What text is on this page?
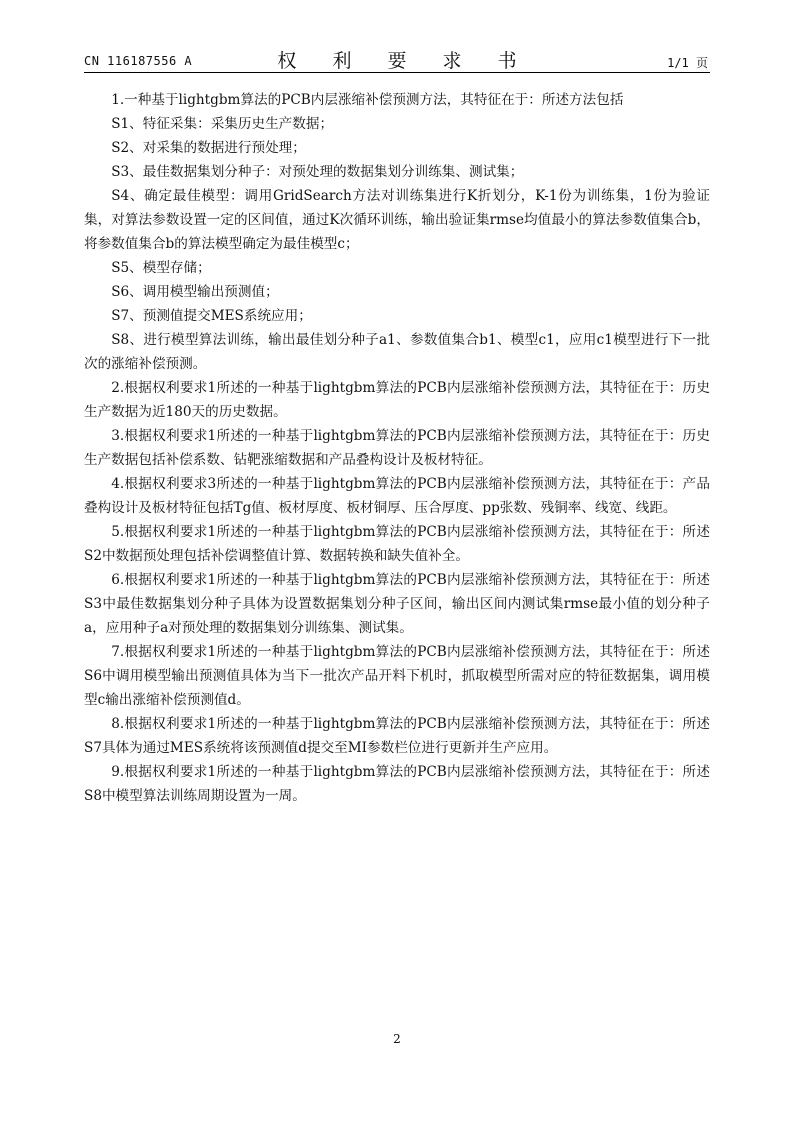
CN 116187556 A	权 利 要 求 书	1/1 页

1.一种基于lightgbm算法的PCB内层涨缩补偿预测方法，其特征在于：所述方法包括

S1、特征采集：采集历史生产数据；

S2、对采集的数据进行预处理；

S3、最佳数据集划分种子：对预处理的数据集划分训练集、测试集；

S4、确定最佳模型：调用GridSearch方法对训练集进行K折划分，K-1份为训练集，1份为验证集，对算法参数设置一定的区间值，通过K次循环训练，输出验证集rmse均值最小的算法参数值集合b，将参数值集合b的算法模型确定为最佳模型c；

S5、模型存储；

S6、调用模型输出预测值；

S7、预测值提交MES系统应用；

S8、进行模型算法训练，输出最佳划分种子a1、参数值集合b1、模型c1，应用c1模型进行下一批次的涨缩补偿预测。

2.根据权利要求1所述的一种基于lightgbm算法的PCB内层涨缩补偿预测方法，其特征在于：历史生产数据为近180天的历史数据。

3.根据权利要求1所述的一种基于lightgbm算法的PCB内层涨缩补偿预测方法，其特征在于：历史生产数据包括补偿系数、钻靶涨缩数据和产品叠构设计及板材特征。

4.根据权利要求3所述的一种基于lightgbm算法的PCB内层涨缩补偿预测方法，其特征在于：产品叠构设计及板材特征包括Tg值、板材厚度、板材铜厚、压合厚度、pp张数、残铜率、线宽、线距。

5.根据权利要求1所述的一种基于lightgbm算法的PCB内层涨缩补偿预测方法，其特征在于：所述S2中数据预处理包括补偿调整值计算、数据转换和缺失值补全。

6.根据权利要求1所述的一种基于lightgbm算法的PCB内层涨缩补偿预测方法，其特征在于：所述S3中最佳数据集划分种子具体为设置数据集划分种子区间，输出区间内测试集rmse最小值的划分种子a，应用种子a对预处理的数据集划分训练集、测试集。

7.根据权利要求1所述的一种基于lightgbm算法的PCB内层涨缩补偿预测方法，其特征在于：所述S6中调用模型输出预测值具体为当下一批次产品开料下机时，抓取模型所需对应的特征数据集，调用模型c输出涨缩补偿预测值d。

8.根据权利要求1所述的一种基于lightgbm算法的PCB内层涨缩补偿预测方法，其特征在于：所述S7具体为通过MES系统将该预测值d提交至MI参数栏位进行更新并生产应用。

9.根据权利要求1所述的一种基于lightgbm算法的PCB内层涨缩补偿预测方法，其特征在于：所述S8中模型算法训练周期设置为一周。

2
